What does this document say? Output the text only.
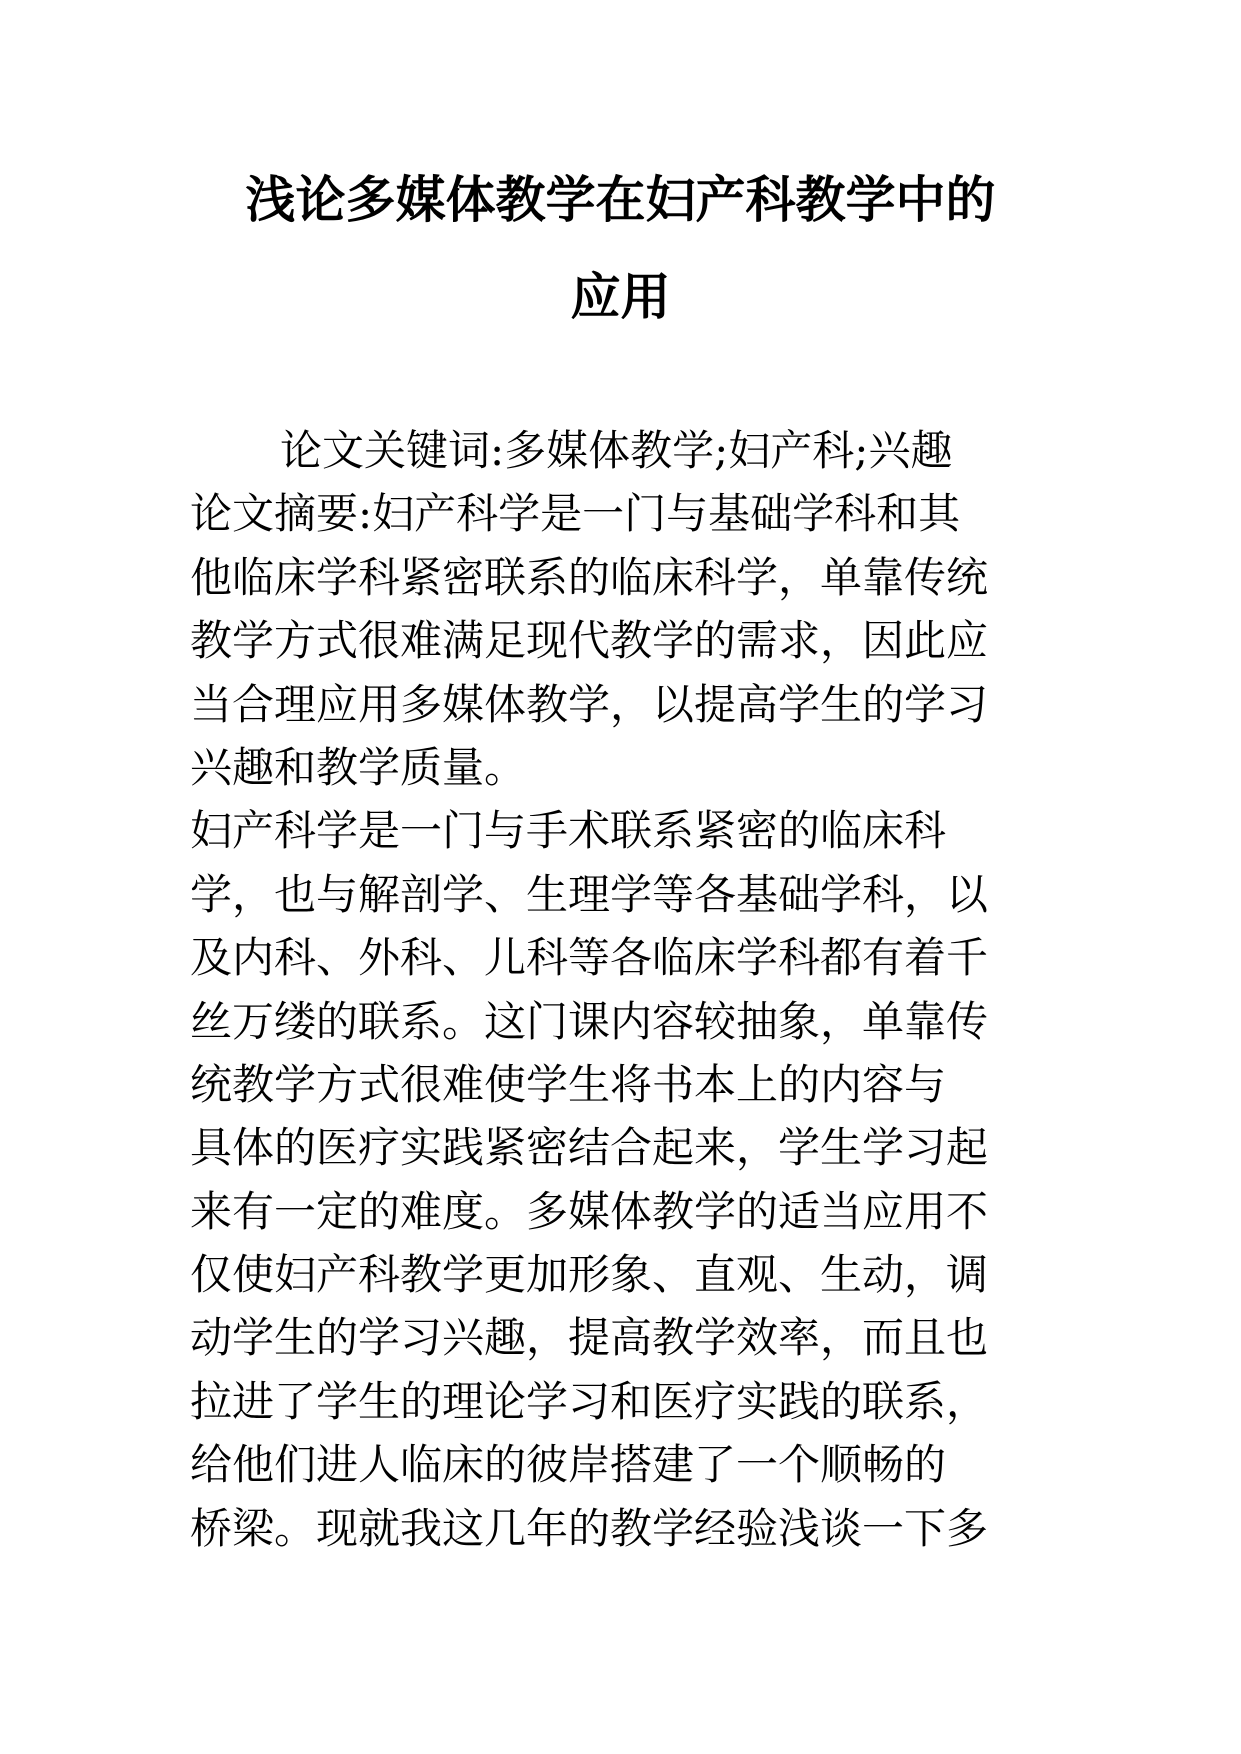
浅论多媒体教学在妇产科教学中的
应用
论文关键词:多媒体教学;妇产科;兴趣
论文摘要:妇产科学是一门与基础学科和其
他临床学科紧密联系的临床科学，单靠传统
教学方式很难满足现代教学的需求，因此应
当合理应用多媒体教学，以提高学生的学习
兴趣和教学质量。
妇产科学是一门与手术联系紧密的临床科
学，也与解剖学、生理学等各基础学科，以
及内科、外科、儿科等各临床学科都有着千
丝万缕的联系。这门课内容较抽象，单靠传
统教学方式很难使学生将书本上的内容与
具体的医疗实践紧密结合起来，学生学习起
来有一定的难度。多媒体教学的适当应用不
仅使妇产科教学更加形象、直观、生动，调
动学生的学习兴趣，提高教学效率，而且也
拉进了学生的理论学习和医疗实践的联系，
给他们进人临床的彼岸搭建了一个顺畅的
桥梁。现就我这几年的教学经验浅谈一下多
